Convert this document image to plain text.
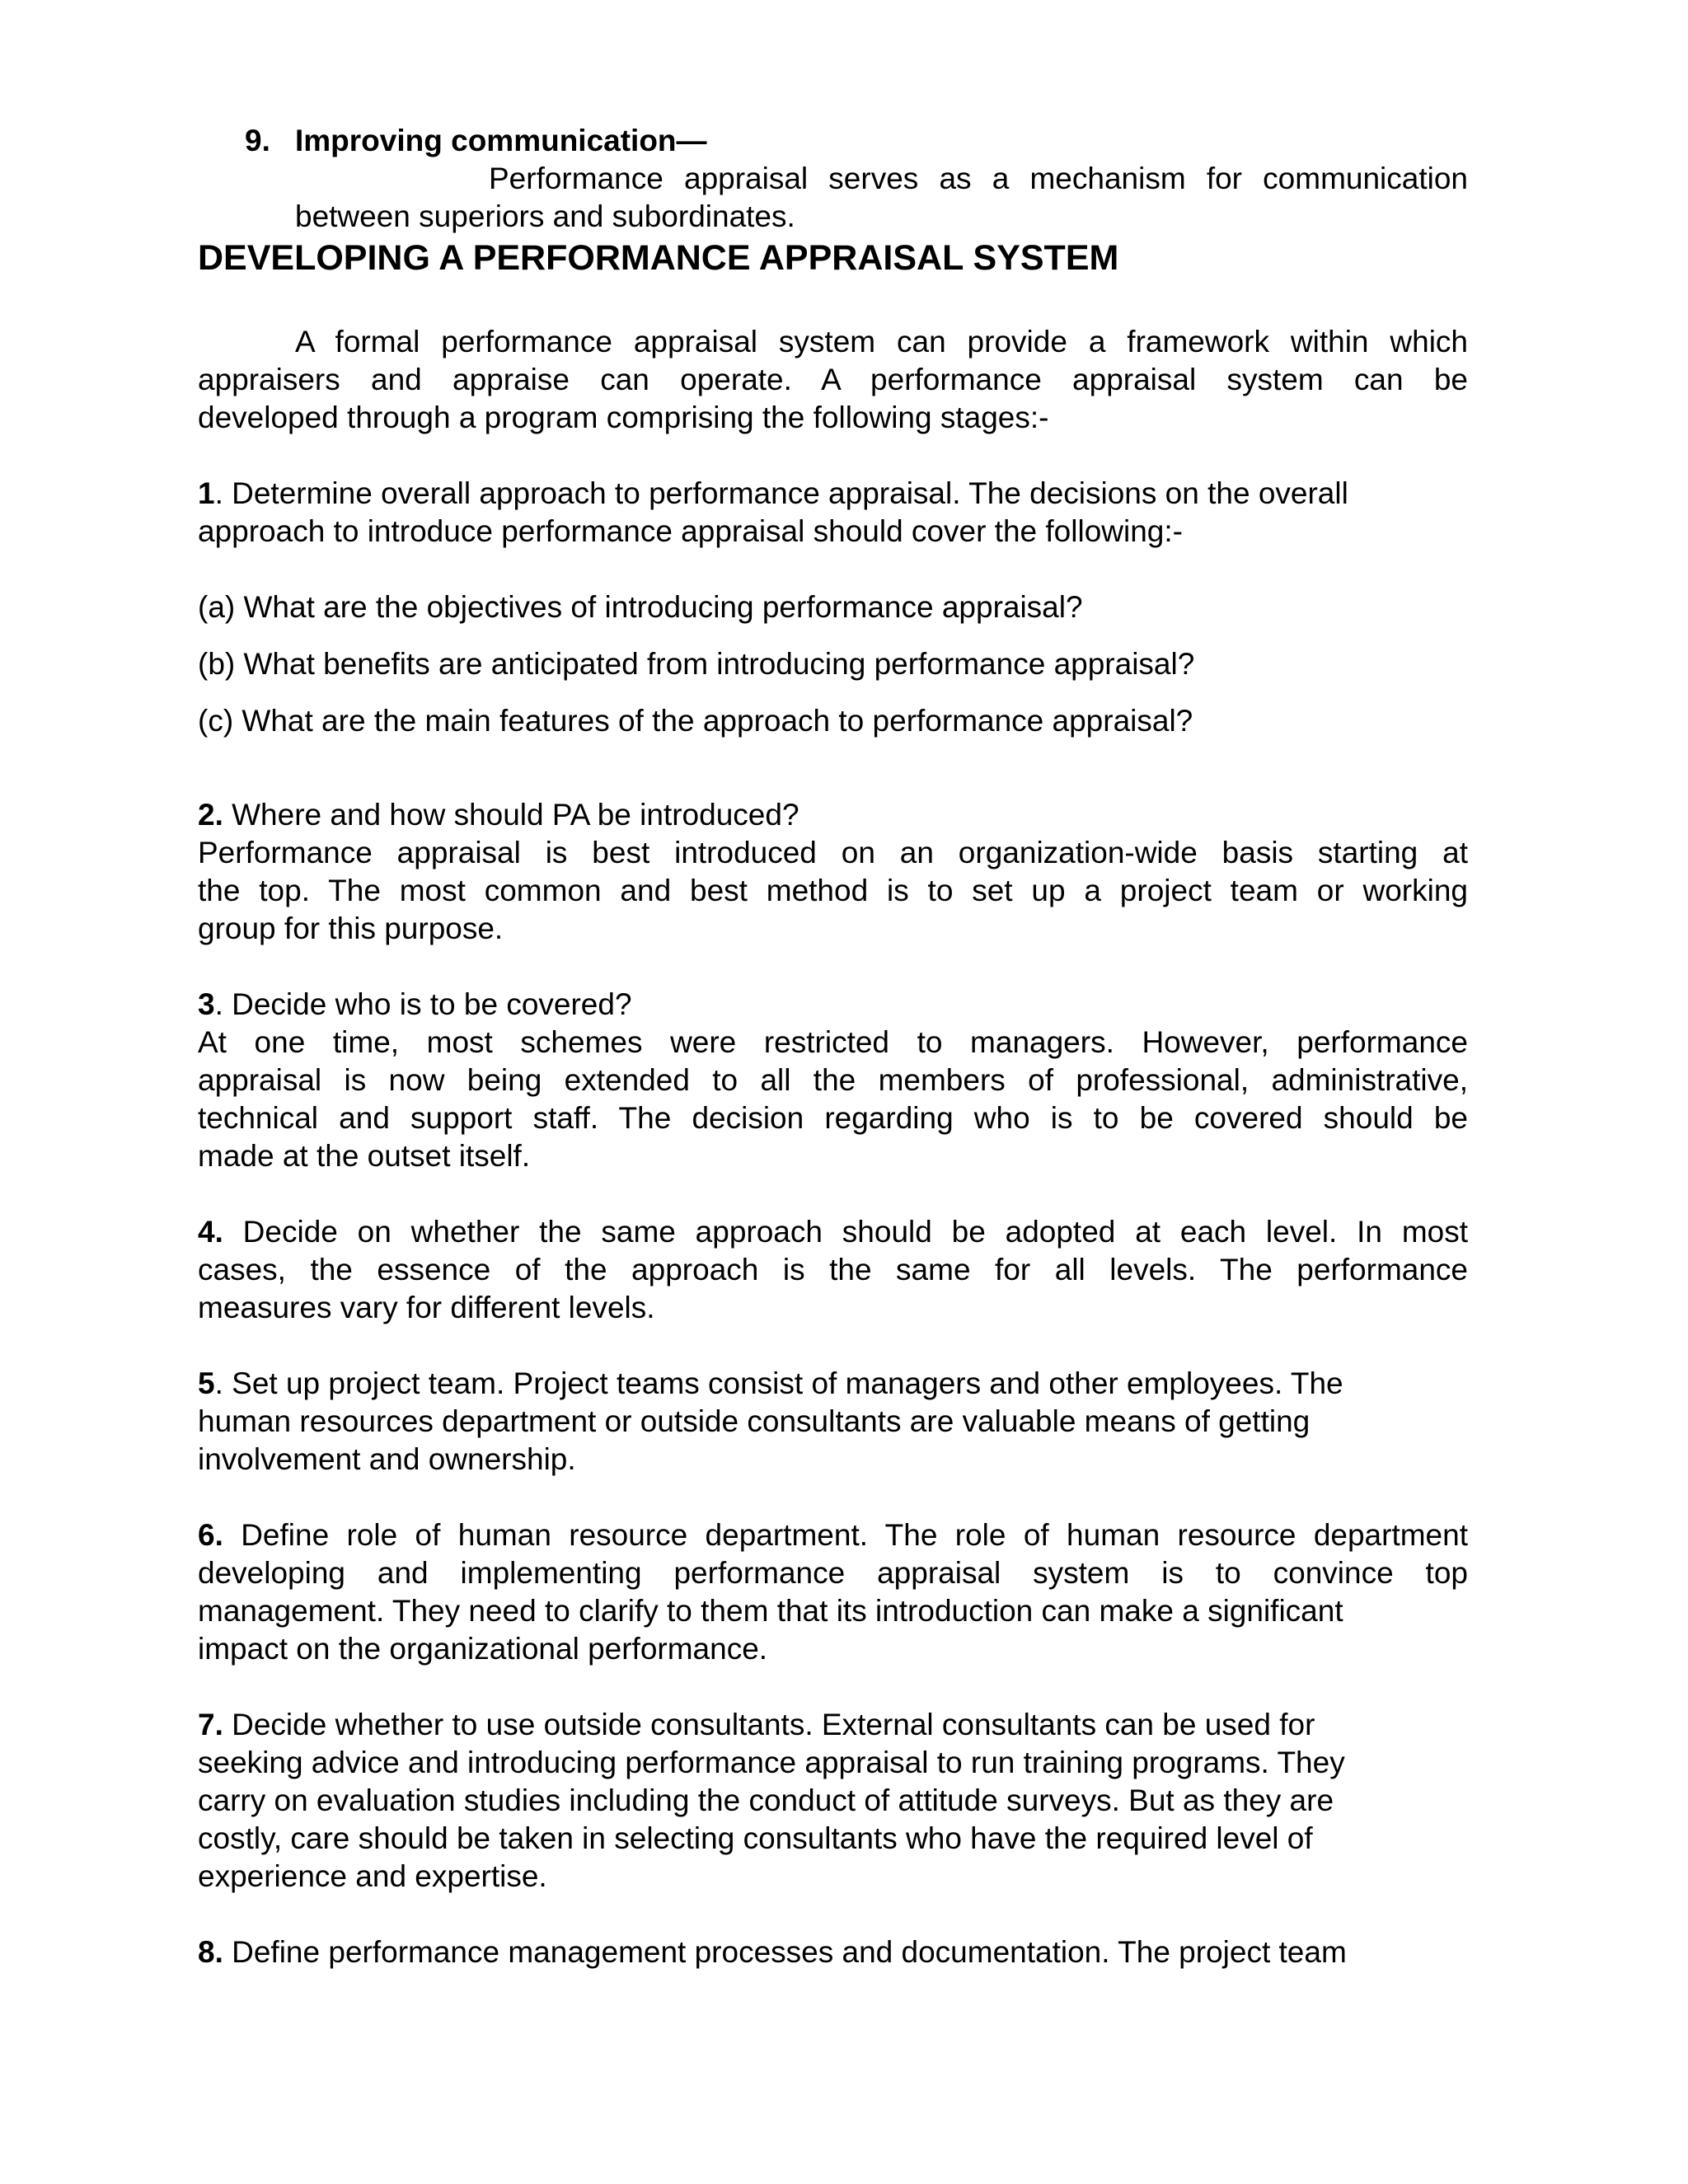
9. Improving communication—
Performance appraisal serves as a mechanism for communication
between superiors and subordinates.
DEVELOPING A PERFORMANCE APPRAISAL SYSTEM
A formal performance appraisal system can provide a framework within which
appraisers and appraise can operate. A performance appraisal system can be
developed through a program comprising the following stages:-
1. Determine overall approach to performance appraisal. The decisions on the overall
approach to introduce performance appraisal should cover the following:-
(a) What are the objectives of introducing performance appraisal?
(b) What benefits are anticipated from introducing performance appraisal?
(c) What are the main features of the approach to performance appraisal?
2. Where and how should PA be introduced?
Performance appraisal is best introduced on an organization-wide basis starting at
the top. The most common and best method is to set up a project team or working
group for this purpose.
3. Decide who is to be covered?
At one time, most schemes were restricted to managers. However, performance
appraisal is now being extended to all the members of professional, administrative,
technical and support staff. The decision regarding who is to be covered should be
made at the outset itself.
4. Decide on whether the same approach should be adopted at each level. In most
cases, the essence of the approach is the same for all levels. The performance
measures vary for different levels.
5. Set up project team. Project teams consist of managers and other employees. The
human resources department or outside consultants are valuable means of getting
involvement and ownership.
6. Define role of human resource department. The role of human resource department
developing and implementing performance appraisal system is to convince top
management. They need to clarify to them that its introduction can make a significant
impact on the organizational performance.
7. Decide whether to use outside consultants. External consultants can be used for
seeking advice and introducing performance appraisal to run training programs. They
carry on evaluation studies including the conduct of attitude surveys. But as they are
costly, care should be taken in selecting consultants who have the required level of
experience and expertise.
8. Define performance management processes and documentation. The project team
